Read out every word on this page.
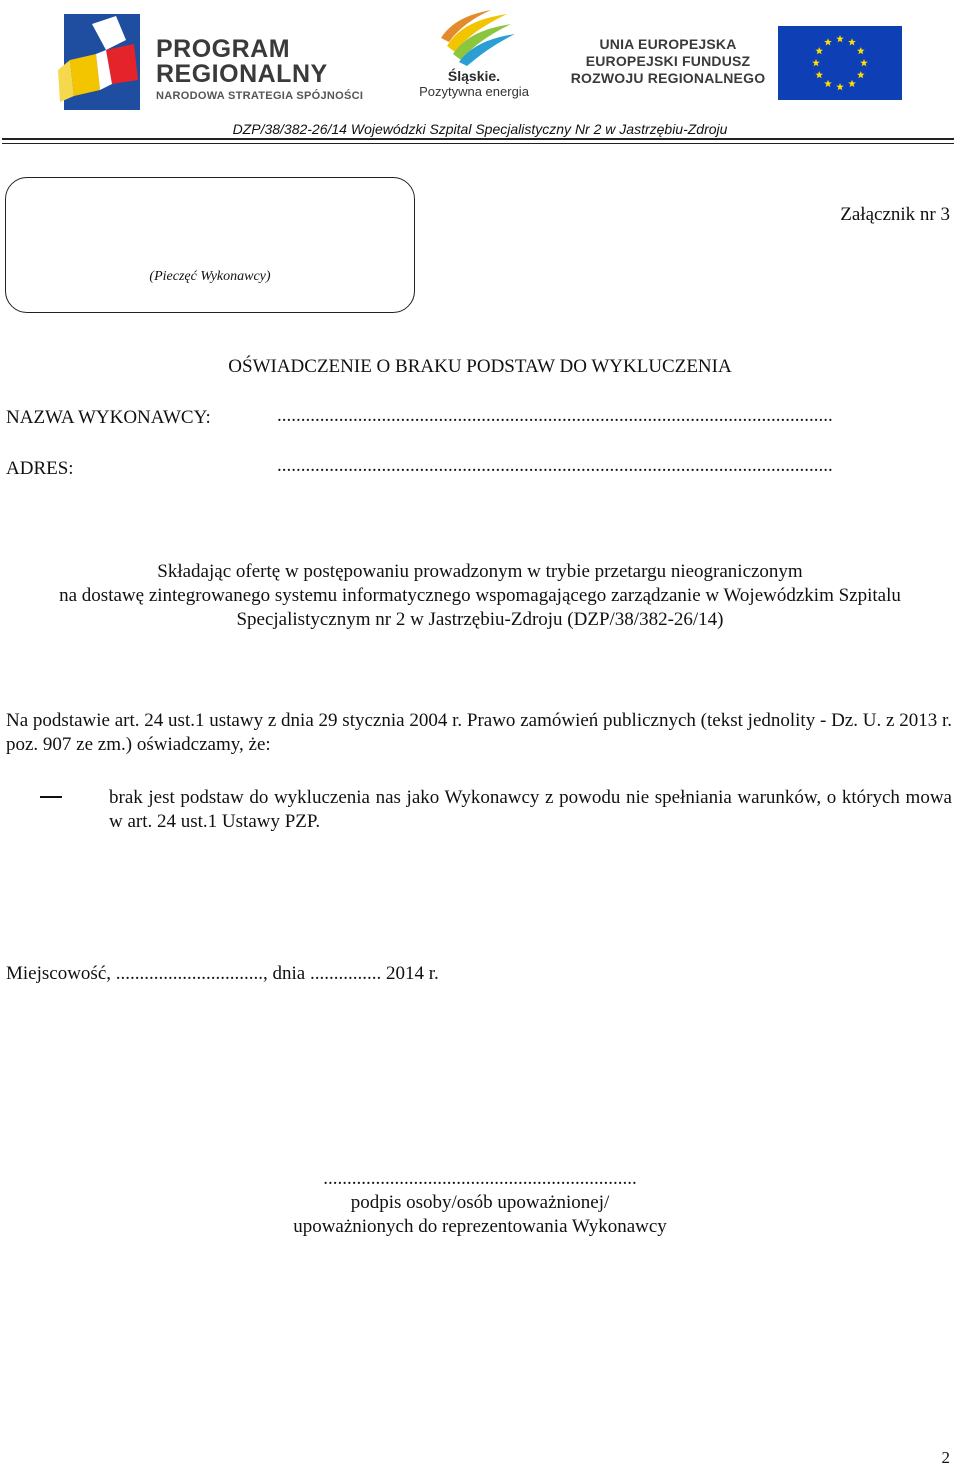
PROGRAM
REGIONALNY
NARODOWA STRATEGIA SPÓJNOŚCI
Śląskie.
Pozytywna energia
UNIA EUROPEJSKA
EUROPEJSKI FUNDUSZ
ROZWOJU REGIONALNEGO
DZP/38/382-26/14 Wojewódzki Szpital Specjalistyczny Nr 2 w Jastrzębiu-Zdroju
(Pieczęć Wykonawcy)
Załącznik nr 3
OŚWIADCZENIE O BRAKU PODSTAW DO WYKLUCZENIA
NAZWA WYKONAWCY:	.....................................................................................................................
ADRES:	.....................................................................................................................
Składając ofertę w postępowaniu prowadzonym w trybie przetargu nieograniczonym
na dostawę zintegrowanego systemu informatycznego wspomagającego zarządzanie w Wojewódzkim Szpitalu
Specjalistycznym nr 2 w Jastrzębiu-Zdroju (DZP/38/382-26/14)
Na podstawie art. 24 ust.1 ustawy z dnia 29 stycznia 2004 r. Prawo zamówień publicznych (tekst jednolity - Dz. U. z 2013 r. poz. 907 ze zm.) oświadczamy, że:
brak jest podstaw do wykluczenia nas jako Wykonawcy z powodu nie spełniania warunków, o których mowa w art. 24 ust.1 Ustawy PZP.
Miejscowość, ..............................., dnia ............... 2014 r.
..................................................................
podpis osoby/osób upoważnionej/
upoważnionych do reprezentowania Wykonawcy
2
